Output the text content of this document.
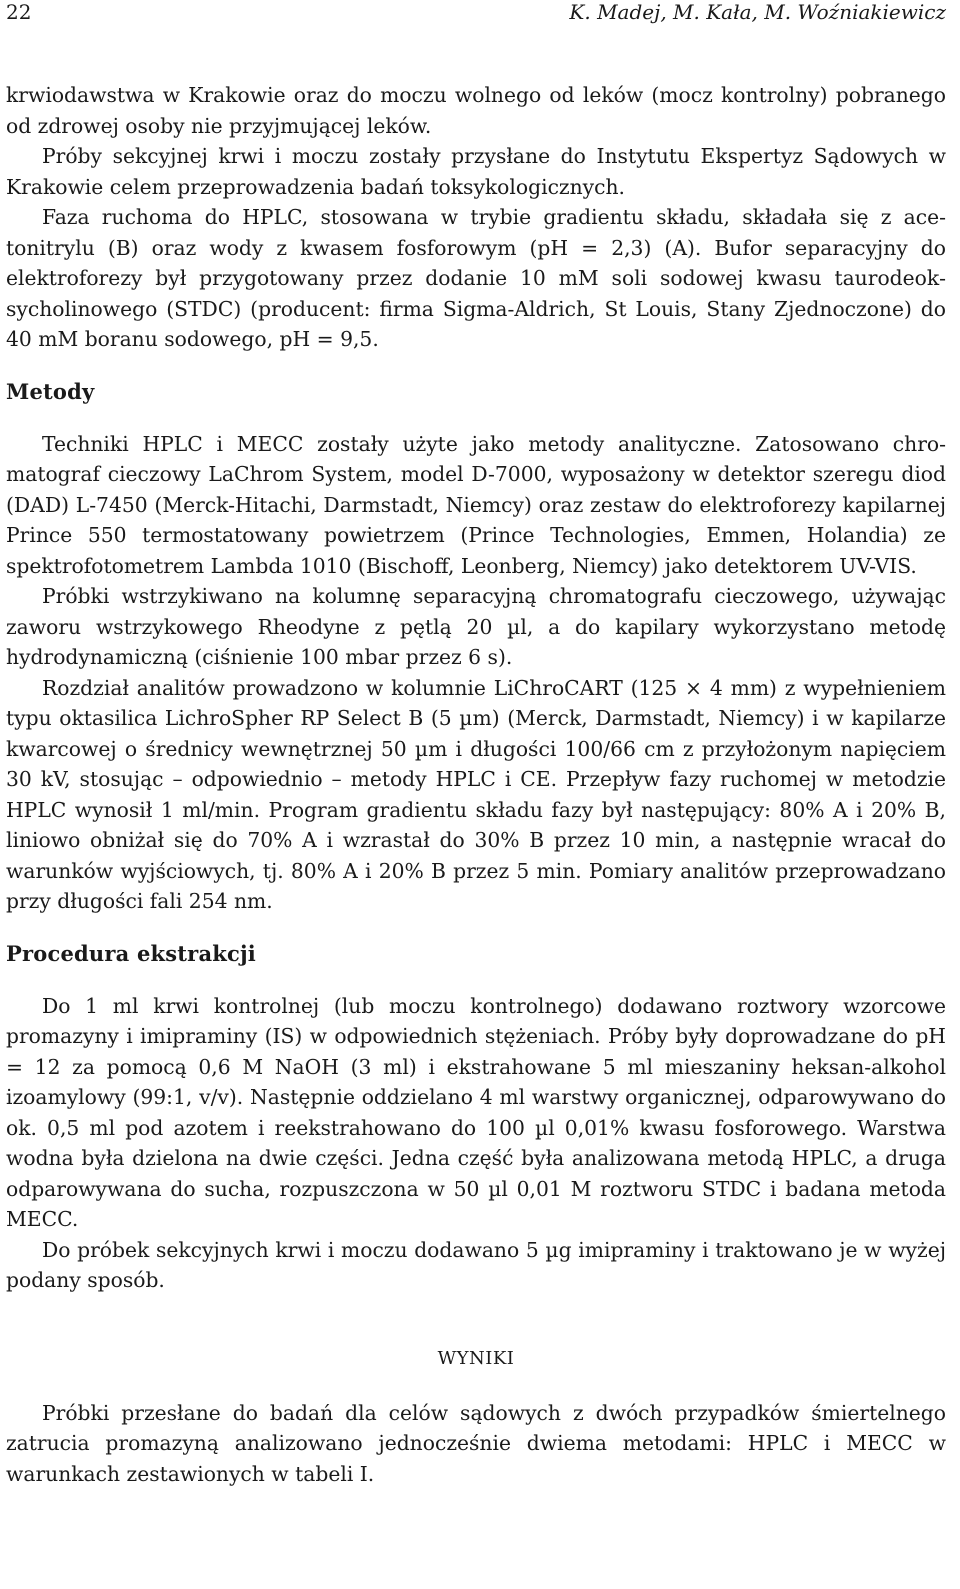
22	K. Madej, M. Kała, M. Woźniakiewicz

krwiodawstwa w Krakowie oraz do moczu wolnego od leków (mocz kontrolny) pobranego od zdrowej osoby nie przyjmującej leków.

Próby sekcyjnej krwi i moczu zostały przysłane do Instytutu Ekspertyz Sądowych w Krakowie celem przeprowadzenia badań toksykologicznych.

Faza ruchoma do HPLC, stosowana w trybie gradientu składu, składała się z acetonitrylu (B) oraz wody z kwasem fosforowym (pH = 2,3) (A). Bufor separacyjny do elektroforezy był przygotowany przez dodanie 10 mM soli sodowej kwasu taurodeoksycholinowego (STDC) (producent: firma Sigma-Aldrich, St Louis, Stany Zjednoczone) do 40 mM boranu sodowego, pH = 9,5.

Metody

Techniki HPLC i MECC zostały użyte jako metody analityczne. Zatosowano chromatograf cieczowy LaChrom System, model D-7000, wyposażony w detektor szeregu diod (DAD) L-7450 (Merck-Hitachi, Darmstadt, Niemcy) oraz zestaw do elektroforezy kapilarnej Prince 550 termostatowany powietrzem (Prince Technologies, Emmen, Holandia) ze spektrofotometrem Lambda 1010 (Bischoff, Leonberg, Niemcy) jako detektorem UV-VIS.

Próbki wstrzykiwano na kolumnę separacyjną chromatografu cieczowego, używając zaworu wstrzykowego Rheodyne z pętlą 20 µl, a do kapilary wykorzystano metodę hydrodynamiczną (ciśnienie 100 mbar przez 6 s).

Rozdział analitów prowadzono w kolumnie LiChroCART (125 × 4 mm) z wypełnieniem typu oktasilica LichroSpher RP Select B (5 µm) (Merck, Darmstadt, Niemcy) i w kapilarze kwarcowej o średnicy wewnętrznej 50 µm i długości 100/66 cm z przyłożonym napięciem 30 kV, stosując – odpowiednio – metody HPLC i CE. Przepływ fazy ruchomej w metodzie HPLC wynosił 1 ml/min. Program gradientu składu fazy był następujący: 80% A i 20% B, liniowo obniżał się do 70% A i wzrastał do 30% B przez 10 min, a następnie wracał do warunków wyjściowych, tj. 80% A i 20% B przez 5 min. Pomiary analitów przeprowadzano przy długości fali 254 nm.

Procedura ekstrakcji

Do 1 ml krwi kontrolnej (lub moczu kontrolnego) dodawano roztwory wzorcowe promazyny i imipraminy (IS) w odpowiednich stężeniach. Próby były doprowadzane do pH = 12 za pomocą 0,6 M NaOH (3 ml) i ekstrahowane 5 ml mieszaniny heksan-alkohol izoamylowy (99:1, v/v). Następnie oddzielano 4 ml warstwy organicznej, odparowywano do ok. 0,5 ml pod azotem i reekstrahowano do 100 µl 0,01% kwasu fosforowego. Warstwa wodna była dzielona na dwie części. Jedna część była analizowana metodą HPLC, a druga odparowywana do sucha, rozpuszczona w 50 µl 0,01 M roztworu STDC i badana metoda MECC.

Do próbek sekcyjnych krwi i moczu dodawano 5 µg imipraminy i traktowano je w wyżej podany sposób.

WYNIKI

Próbki przesłane do badań dla celów sądowych z dwóch przypadków śmiertelnego zatrucia promazyną analizowano jednocześnie dwiema metodami: HPLC i MECC w warunkach zestawionych w tabeli I.
